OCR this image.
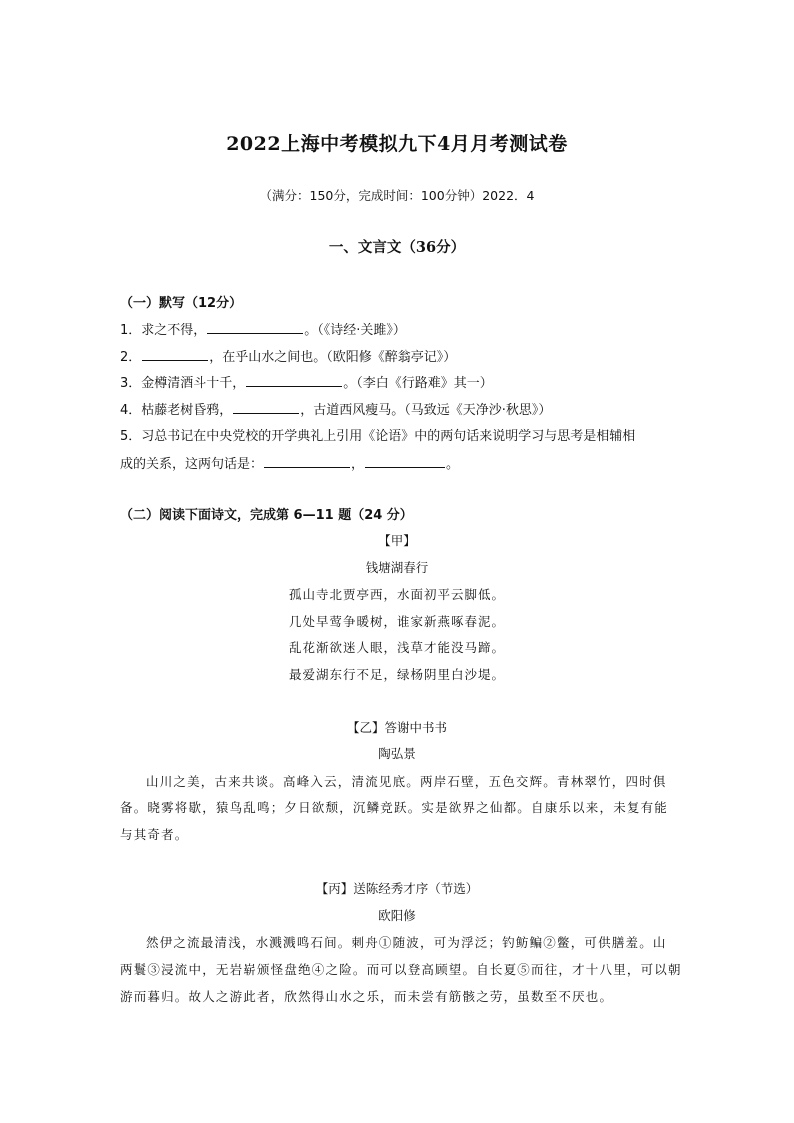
2022上海中考模拟九下4月月考测试卷
（满分：150分，完成时间：100分钟）2022．4
一、文言文（36分）
（一）默写（12分）
1．求之不得，	。（《诗经·关雎》）
2．	，在乎山水之间也。（欧阳修《醉翁亭记》）
3．金樽清酒斗十千，	。（李白《行路难》其一）
4．枯藤老树昏鸦，	，古道西风瘦马。（马致远《天净沙·秋思》）
5．习总书记在中央党校的开学典礼上引用《论语》中的两句话来说明学习与思考是相辅相
成的关系，这两句话是：	，	。
（二）阅读下面诗文，完成第 6—11 题（24 分）
【甲】
钱塘湖春行
孤山寺北贾亭西，水面初平云脚低。
几处早莺争暖树，谁家新燕啄春泥。
乱花渐欲迷人眼，浅草才能没马蹄。
最爱湖东行不足，绿杨阴里白沙堤。
【乙】答谢中书书
陶弘景
山川之美，古来共谈。高峰入云，清流见底。两岸石壁，五色交辉。青林翠竹，四时俱
备。晓雾将歇，猿鸟乱鸣；夕日欲颓，沉鳞竞跃。实是欲界之仙都。自康乐以来，未复有能
与其奇者。
【丙】送陈经秀才序（节选）
欧阳修
然伊之流最清浅，水溅溅鸣石间。刺舟①随波，可为浮泛；钓鲂鳊②鳖，可供膳羞。山
两鬟③浸流中，无岩崭颁怪盘绝④之险。而可以登高顾望。自长夏⑤而往，才十八里，可以朝
游而暮归。故人之游此者，欣然得山水之乐，而未尝有筋骸之劳，虽数至不厌也。
